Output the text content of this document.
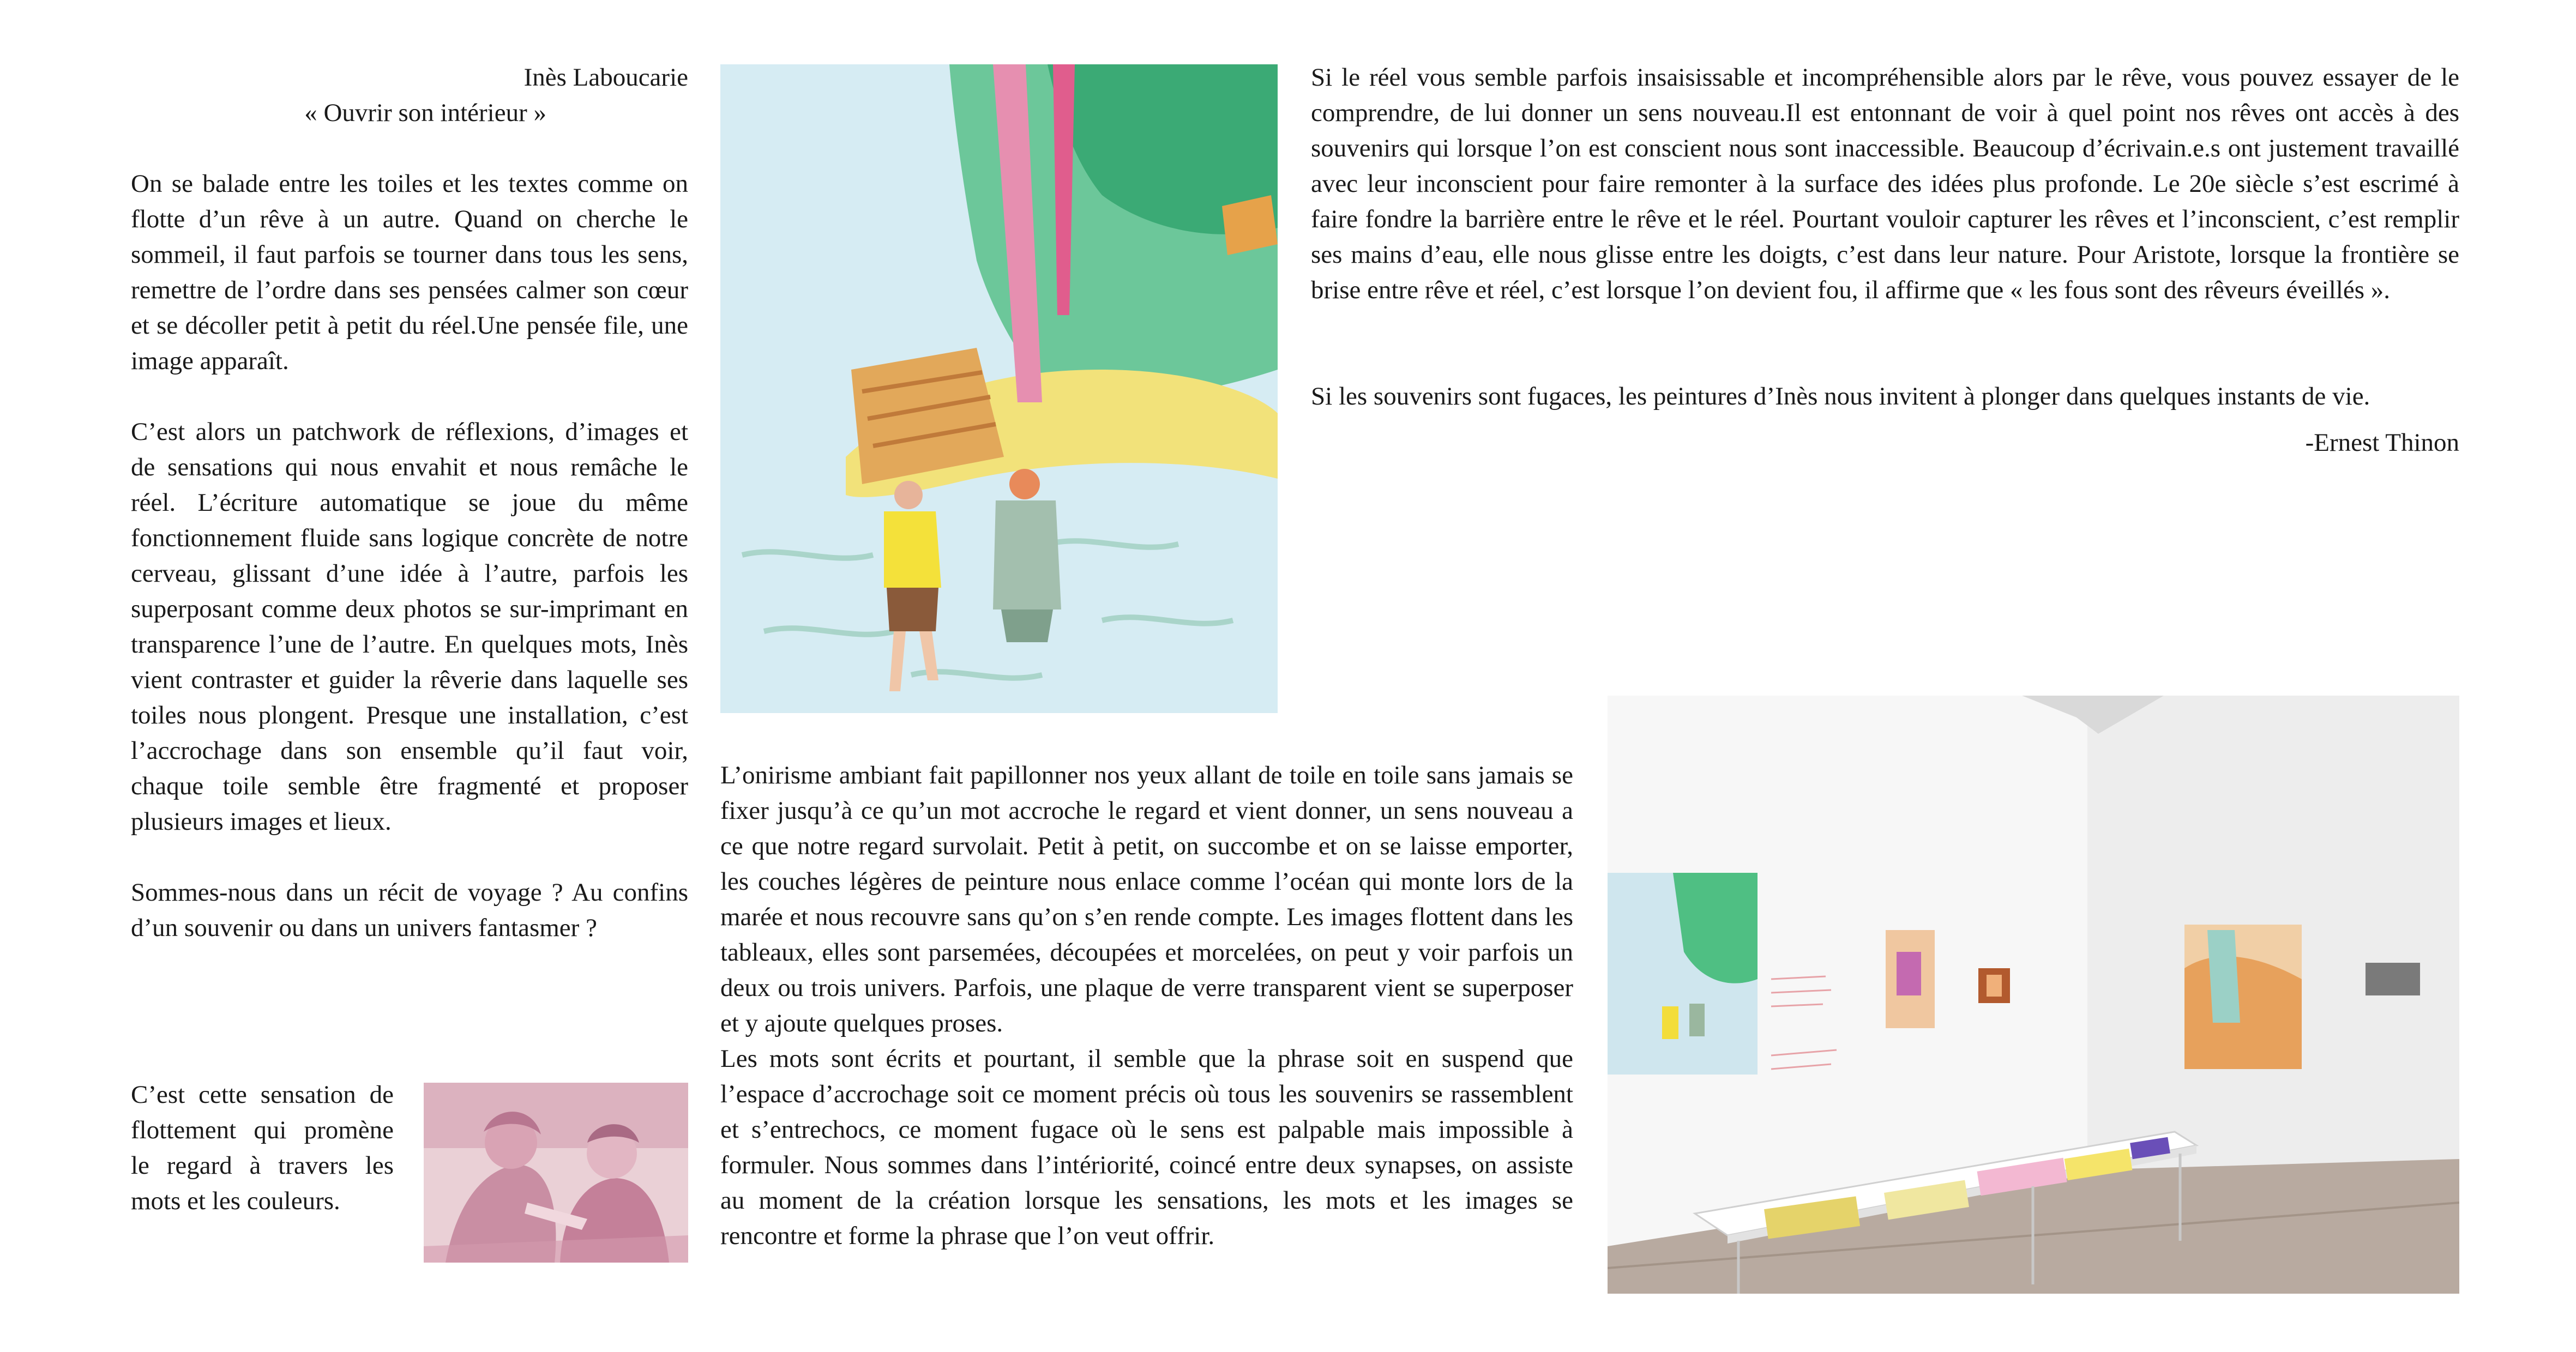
Inès Laboucarie

« Ouvrir son intérieur »

On se balade entre les toiles et les textes comme on flotte d’un rêve à un autre. Quand on cherche le sommeil, il faut parfois se tourner dans tous les sens, remettre de l’ordre dans ses pensées calmer son cœur et se décoller petit à petit du réel.Une pensée file, une image apparaît.

C’est alors un patchwork de réflexions, d’images et de sensations qui nous envahit et nous remâche le réel. L’écriture automatique se joue du même fonctionnement fluide sans logique concrète de notre cerveau, glissant d’une idée à l’autre, parfois les superposant comme deux photos se sur-imprimant en transparence l’une de l’autre. En quelques mots, Inès vient contraster et guider la rêverie dans laquelle ses toiles nous plongent. Presque une installation, c’est l’accrochage dans son ensemble qu’il faut voir, chaque toile semble être fragmenté et proposer plusieurs images et lieux.

Sommes-nous dans un récit de voyage ? Au confins d’un souvenir ou dans un univers fantasmer ?

C’est cette sensation de flottement qui promène le regard à travers les mots et les couleurs.

L’onirisme ambiant fait papillonner nos yeux allant de toile en toile sans jamais se fixer jusqu’à ce qu’un mot accroche le regard et vient donner, un sens nouveau a ce que notre regard survolait. Petit à petit, on succombe et on se laisse emporter, les couches légères de peinture nous enlace comme l’océan qui monte lors de la marée et nous recouvre sans qu’on s’en rende compte. Les images flottent dans les tableaux, elles sont parsemées, découpées et morcelées, on peut y voir parfois un deux ou trois univers. Parfois, une plaque de verre transparent vient se superposer et y ajoute quelques proses.

Les mots sont écrits et pourtant, il semble que la phrase soit en suspend que l’espace d’accrochage soit ce moment précis où tous les souvenirs se rassemblent et s’entrechocs, ce moment fugace où le sens est palpable mais impossible à formuler. Nous sommes dans l’intériorité, coincé entre deux synapses, on assiste au moment de la création lorsque les sensations, les mots et les images se rencontre et forme la phrase que l’on veut offrir.

Si le réel vous semble parfois insaisissable et incompréhensible alors par le rêve, vous pouvez essayer de le comprendre, de lui donner un sens nouveau.Il est entonnant de voir à quel point nos rêves ont accès à des souvenirs qui lorsque l’on est conscient nous sont inaccessible. Beaucoup d’écrivain.e.s ont justement travaillé avec leur inconscient pour faire remonter à la surface des idées plus profonde. Le 20e siècle s’est escrimé à faire fondre la barrière entre le rêve et le réel. Pourtant vouloir capturer les rêves et l’inconscient, c’est remplir ses mains d’eau, elle nous glisse entre les doigts, c’est dans leur nature. Pour Aristote, lorsque la frontière se brise entre rêve et réel, c’est lorsque l’on devient fou, il affirme que « les fous sont des rêveurs éveillés ».

Si les souvenirs sont fugaces, les peintures d’Inès nous invitent à plonger dans quelques instants de vie.

-Ernest Thinon
